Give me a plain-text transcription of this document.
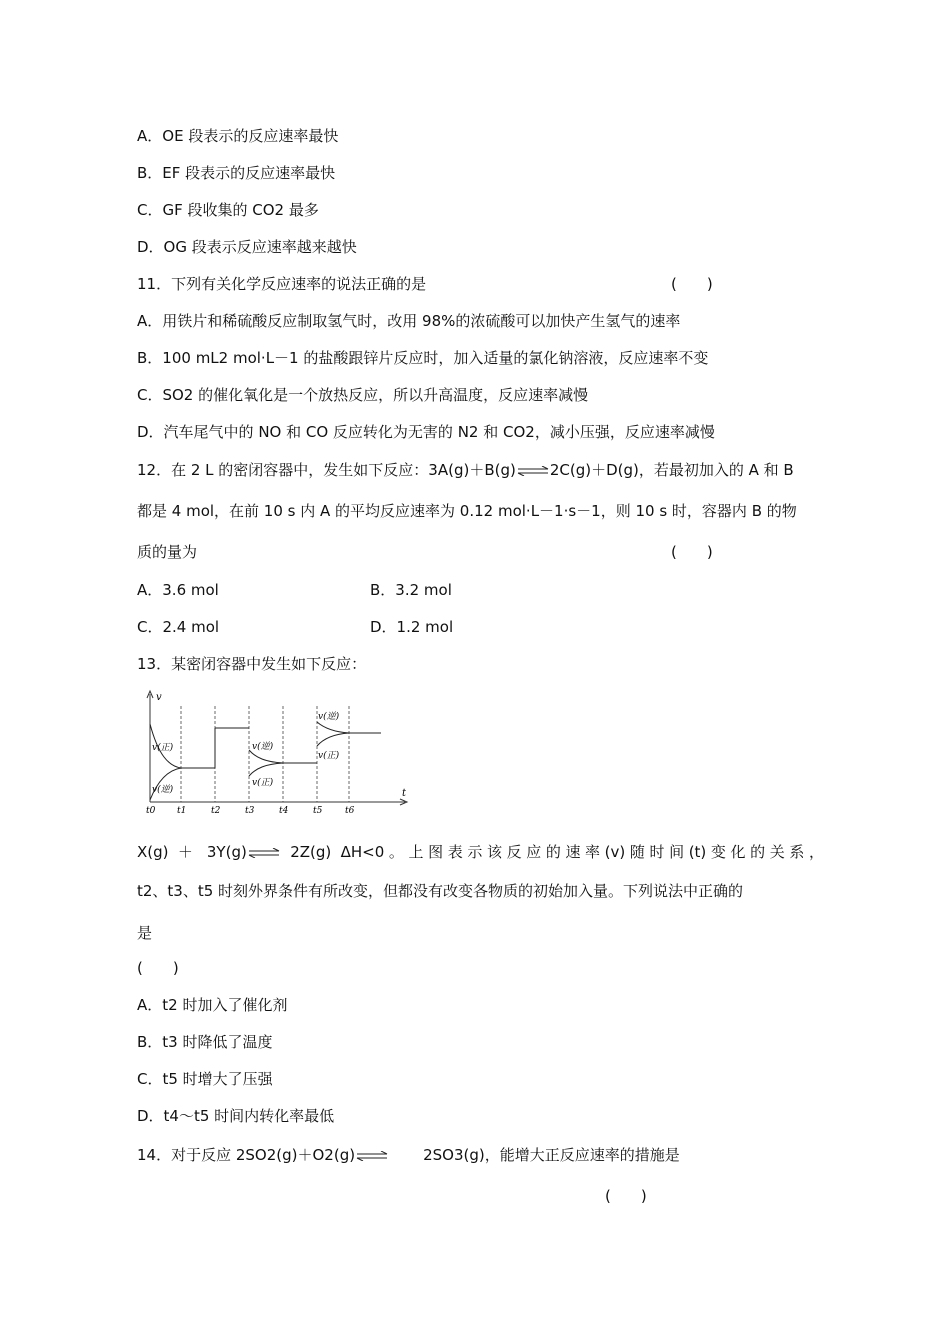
A．OE 段表示的反应速率最快
B．EF 段表示的反应速率最快
C．GF 段收集的 CO2 最多
D．OG 段表示反应速率越来越快
11．下列有关化学反应速率的说法正确的是	(　　)
A．用铁片和稀硫酸反应制取氢气时，改用 98%的浓硫酸可以加快产生氢气的速率
B．100 mL2 mol·L－1 的盐酸跟锌片反应时，加入适量的氯化钠溶液，反应速率不变
C．SO2 的催化氧化是一个放热反应，所以升高温度，反应速率减慢
D．汽车尾气中的 NO 和 CO 反应转化为无害的 N2 和 CO2，减小压强，反应速率减慢
12．在 2 L 的密闭容器中，发生如下反应：3A(g)＋B(g)⇌2C(g)＋D(g)，若最初加入的 A 和 B
都是 4 mol，在前 10 s 内 A 的平均反应速率为 0.12 mol·L－1·s－1，则 10 s 时，容器内 B 的物
质的量为	(　　)
A．3.6 mol	B．3.2 mol
C．2.4 mol	D．1.2 mol
13．某密闭容器中发生如下反应：
v
t
v(正)
v(逆)
v(逆)
v(正)
v(逆)
v(正)
t0 t1	t2	t3	t4	t5	t6
X(g) ＋ 3Y(g)⇌ 2Z(g) ΔH<0。上图表示该反应的速率(v)随时间(t)变化的关系，
t2、t3、t5 时刻外界条件有所改变，但都没有改变各物质的初始加入量。下列说法中正确的
是
(　　)
A．t2 时加入了催化剂
B．t3 时降低了温度
C．t5 时增大了压强
D．t4～t5 时间内转化率最低
14．对于反应 2SO2(g)＋O2(g)⇌ 2SO3(g)，能增大正反应速率的措施是
(　　)
